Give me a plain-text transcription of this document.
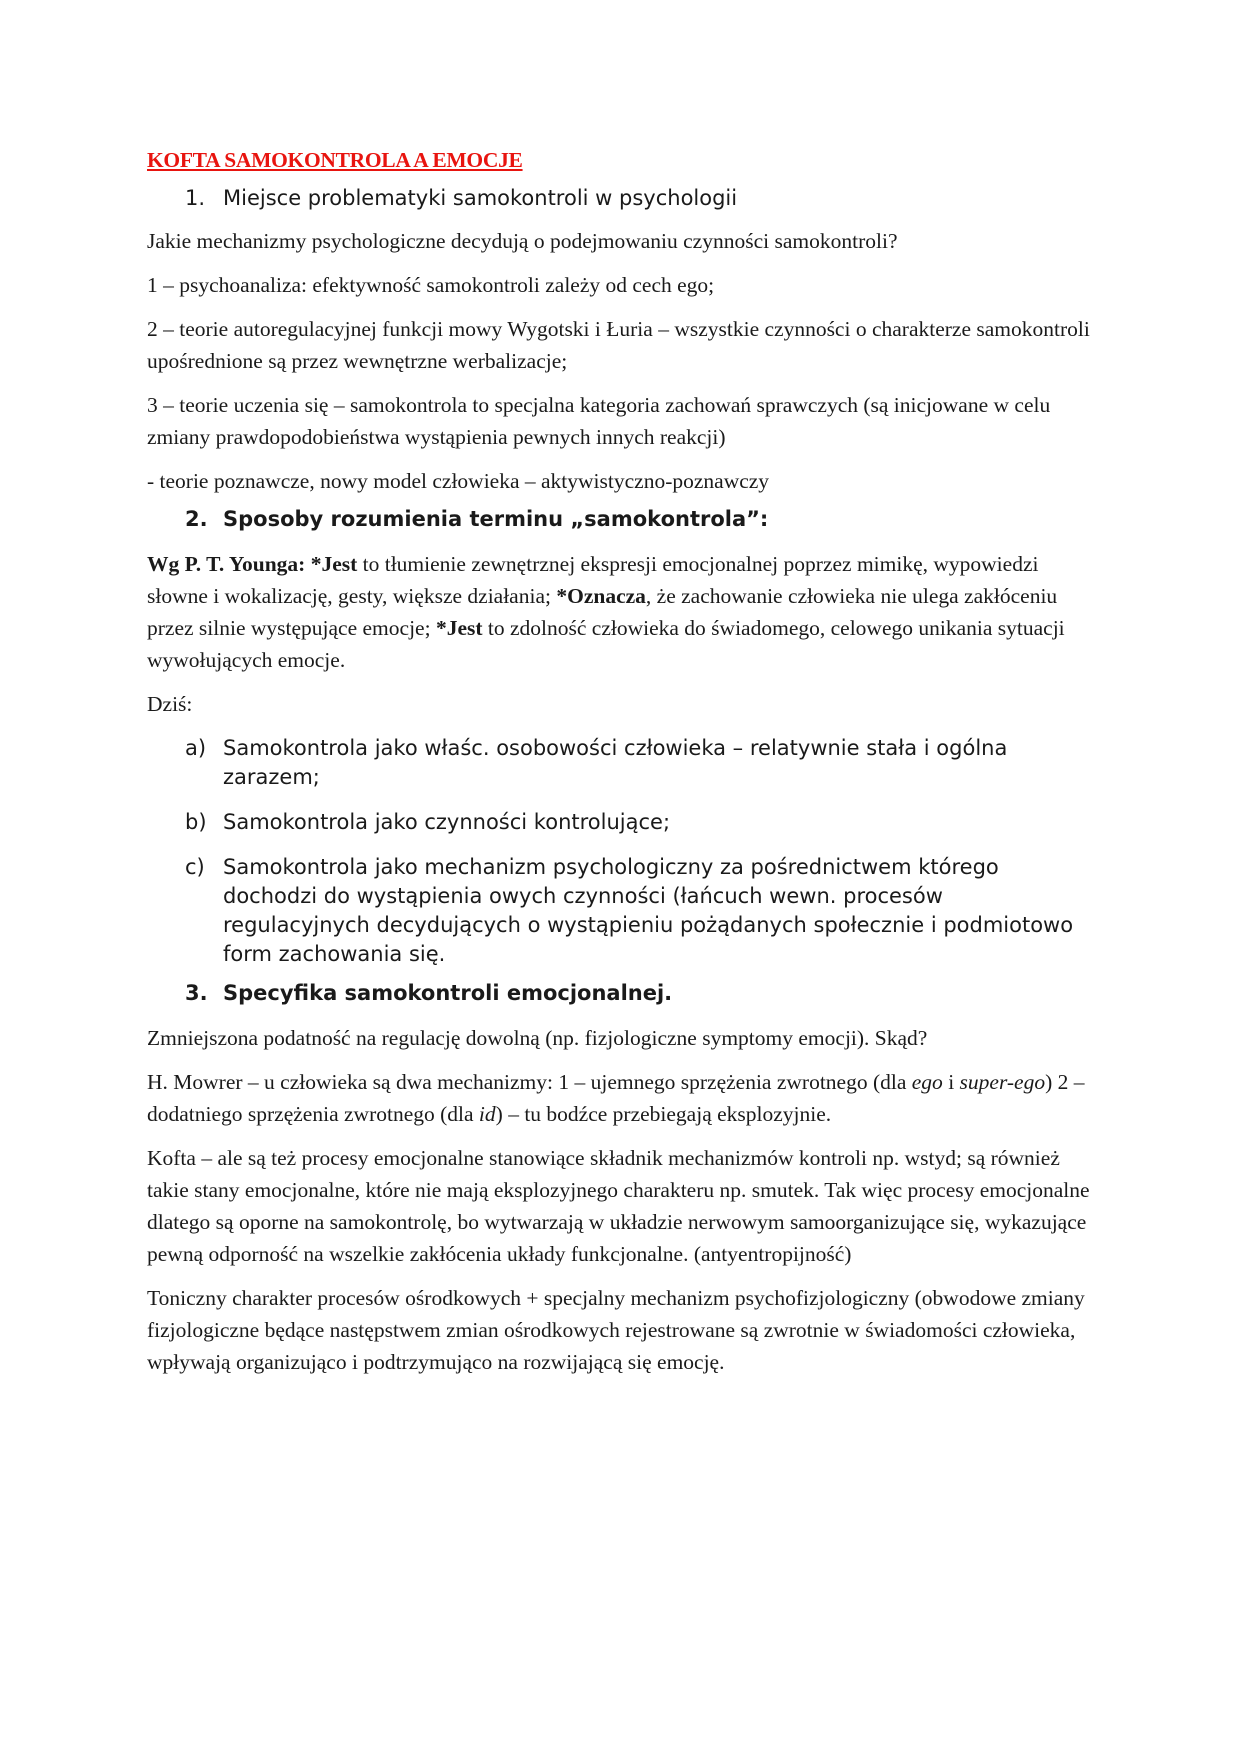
KOFTA SAMOKONTROLA A EMOCJE

1. Miejsce problematyki samokontroli w psychologii

Jakie mechanizmy psychologiczne decydują o podejmowaniu czynności samokontroli?

1 – psychoanaliza: efektywność samokontroli zależy od cech ego;

2 – teorie autoregulacyjnej funkcji mowy Wygotski i Łuria – wszystkie czynności o charakterze samokontroli upośrednione są przez wewnętrzne werbalizacje;

3 – teorie uczenia się – samokontrola to specjalna kategoria zachowań sprawczych (są inicjowane w celu zmiany prawdopodobieństwa wystąpienia pewnych innych reakcji)

- teorie poznawcze, nowy model człowieka – aktywistyczno-poznawczy

2. Sposoby rozumienia terminu „samokontrola”:

Wg P. T. Younga: *Jest to tłumienie zewnętrznej ekspresji emocjonalnej poprzez mimikę, wypowiedzi słowne i wokalizację, gesty, większe działania; *Oznacza, że zachowanie człowieka nie ulega zakłóceniu przez silnie występujące emocje; *Jest to zdolność człowieka do świadomego, celowego unikania sytuacji wywołujących emocje.

Dziś:

a) Samokontrola jako właśc. osobowości człowieka – relatywnie stała i ogólna zarazem;
b) Samokontrola jako czynności kontrolujące;
c) Samokontrola jako mechanizm psychologiczny za pośrednictwem którego dochodzi do wystąpienia owych czynności (łańcuch wewn. procesów regulacyjnych decydujących o wystąpieniu pożądanych społecznie i podmiotowo form zachowania się.
3. Specyfika samokontroli emocjonalnej.

Zmniejszona podatność na regulację dowolną (np. fizjologiczne symptomy emocji). Skąd?

H. Mowrer – u człowieka są dwa mechanizmy: 1 – ujemnego sprzężenia zwrotnego (dla ego i super-ego) 2 – dodatniego sprzężenia zwrotnego (dla id) – tu bodźce przebiegają eksplozyjnie.

Kofta – ale są też procesy emocjonalne stanowiące składnik mechanizmów kontroli np. wstyd; są również takie stany emocjonalne, które nie mają eksplozyjnego charakteru np. smutek. Tak więc procesy emocjonalne dlatego są oporne na samokontrolę, bo wytwarzają w układzie nerwowym samoorganizujące się, wykazujące pewną odporność na wszelkie zakłócenia układy funkcjonalne. (antyentropijność)

Toniczny charakter procesów ośrodkowych + specjalny mechanizm psychofizjologiczny (obwodowe zmiany fizjologiczne będące następstwem zmian ośrodkowych rejestrowane są zwrotnie w świadomości człowieka, wpływają organizująco i podtrzymująco na rozwijającą się emocję.
